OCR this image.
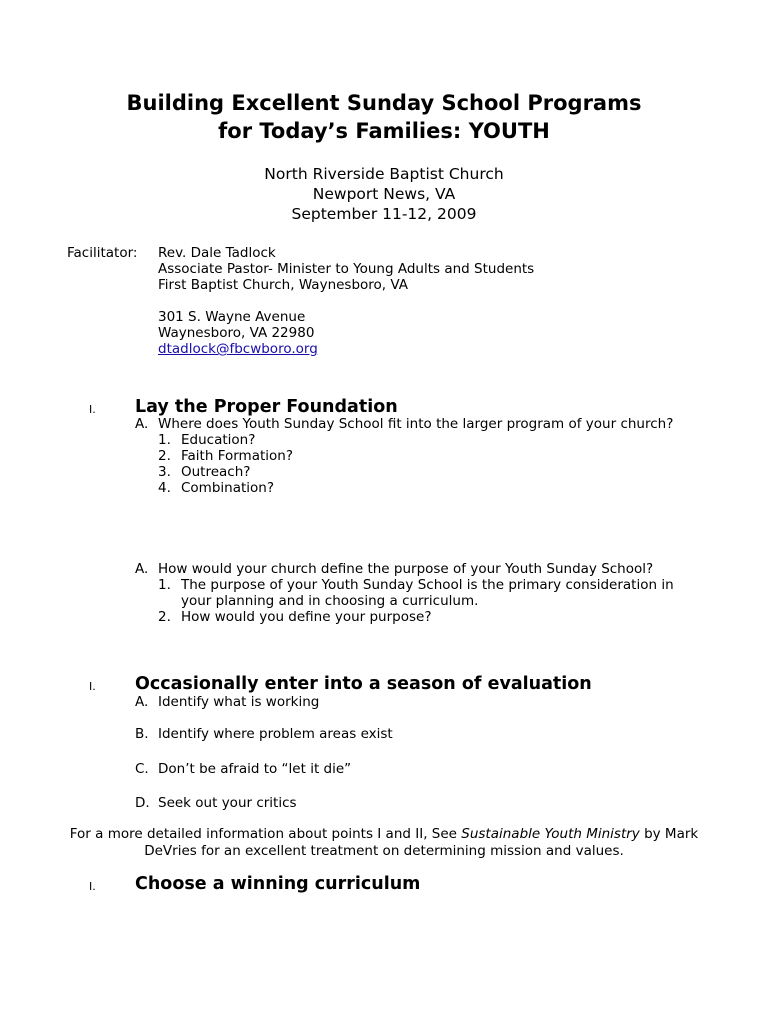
Building Excellent Sunday School Programs
for Today’s Families: YOUTH
North Riverside Baptist Church
Newport News, VA
September 11-12, 2009
Facilitator: Rev. Dale Tadlock
Associate Pastor- Minister to Young Adults and Students
First Baptist Church, Waynesboro, VA
301 S. Wayne Avenue
Waynesboro, VA 22980
dtadlock@fbcwboro.org
I. Lay the Proper Foundation
A. Where does Youth Sunday School fit into the larger program of your church?
1. Education?
2. Faith Formation?
3. Outreach?
4. Combination?
A. How would your church define the purpose of your Youth Sunday School?
1. The purpose of your Youth Sunday School is the primary consideration in
your planning and in choosing a curriculum.
2. How would you define your purpose?
I. Occasionally enter into a season of evaluation
A. Identify what is working
B. Identify where problem areas exist
C. Don’t be afraid to “let it die”
D. Seek out your critics
For a more detailed information about points I and II, See Sustainable Youth Ministry by Mark DeVries for an excellent treatment on determining mission and values.
I. Choose a winning curriculum
